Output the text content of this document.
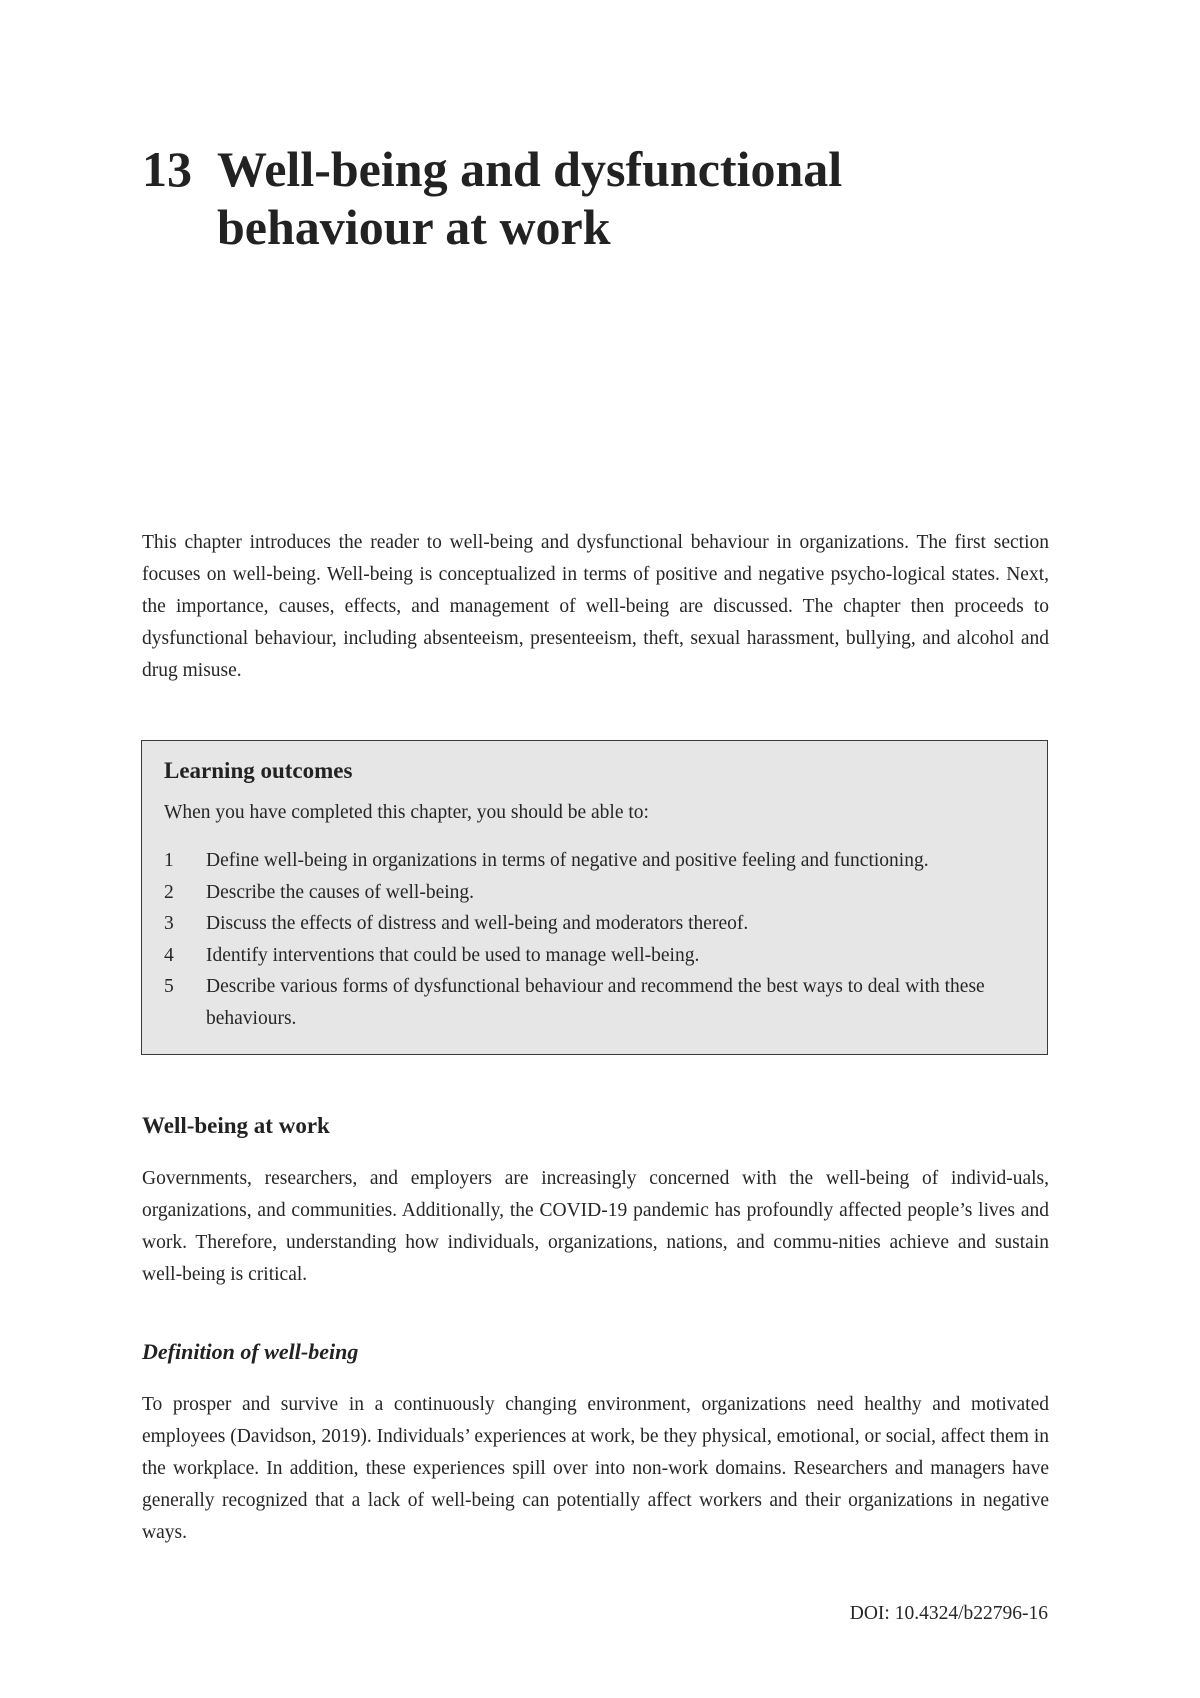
13 Well-being and dysfunctional behaviour at work

This chapter introduces the reader to well-being and dysfunctional behaviour in organizations. The first section focuses on well-being. Well-being is conceptualized in terms of positive and negative psycho-logical states. Next, the importance, causes, effects, and management of well-being are discussed. The chapter then proceeds to dysfunctional behaviour, including absenteeism, presenteeism, theft, sexual harassment, bullying, and alcohol and drug misuse.

Learning outcomes

When you have completed this chapter, you should be able to:

1	Define well-being in organizations in terms of negative and positive feeling and functioning.
2	Describe the causes of well-being.
3	Discuss the effects of distress and well-being and moderators thereof.
4	Identify interventions that could be used to manage well-being.
5	Describe various forms of dysfunctional behaviour and recommend the best ways to deal with these behaviours.
Well-being at work

Governments, researchers, and employers are increasingly concerned with the well-being of individ-uals, organizations, and communities. Additionally, the COVID-19 pandemic has profoundly affected people’s lives and work. Therefore, understanding how individuals, organizations, nations, and commu-nities achieve and sustain well-being is critical.

Definition of well-being

To prosper and survive in a continuously changing environment, organizations need healthy and motivated employees (Davidson, 2019). Individuals’ experiences at work, be they physical, emotional, or social, affect them in the workplace. In addition, these experiences spill over into non-work domains. Researchers and managers have generally recognized that a lack of well-being can potentially affect workers and their organizations in negative ways.

DOI: 10.4324/b22796-16
